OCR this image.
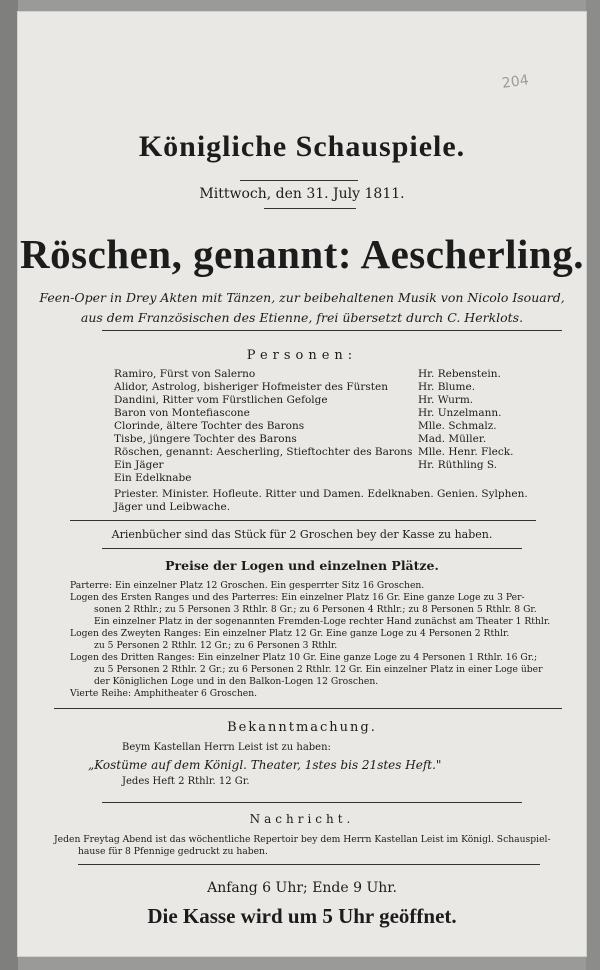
204
Königliche Schauspiele.
Mittwoch, den 31. July 1811.
Röschen, genannt: Aescherling.
Feen-Oper in Drey Akten mit Tänzen, zur beibehaltenen Musik von Nicolo Isouard,
aus dem Französischen des Etienne, frei übersetzt durch C. Herklots.
Personen:
Ramiro, Fürst von Salerno	Hr. Rebenstein.
Alidor, Astrolog, bisheriger Hofmeister des Fürsten	Hr. Blume.
Dandini, Ritter vom Fürstlichen Gefolge	Hr. Wurm.
Baron von Montefiascone	Hr. Unzelmann.
Clorinde, ältere Tochter des Barons	Mlle. Schmalz.
Tisbe, jüngere Tochter des Barons	Mad. Müller.
Röschen, genannt: Aescherling, Stieftochter des Barons Mlle. Henr. Fleck.
Ein Jäger	Hr. Rüthling S.
Ein Edelknabe
Priester. Minister. Hofleute. Ritter und Damen. Edelknaben. Genien. Sylphen.
Jäger und Leibwache.
Arienbücher sind das Stück für 2 Groschen bey der Kasse zu haben.
Preise der Logen und einzelnen Plätze.
Parterre: Ein einzelner Platz 12 Groschen. Ein gesperrter Sitz 16 Groschen.
Logen des Ersten Ranges und des Parterres: Ein einzelner Platz 16 Gr. Eine ganze Loge zu 3 Per-
sonen 2 Rthlr.; zu 5 Personen 3 Rthlr. 8 Gr.; zu 6 Personen 4 Rthlr.; zu 8 Personen 5 Rthlr. 8 Gr.
Ein einzelner Platz in der sogenannten Fremden-Loge rechter Hand zunächst am Theater 1 Rthlr.
Logen des Zweyten Ranges: Ein einzelner Platz 12 Gr. Eine ganze Loge zu 4 Personen 2 Rthlr.
zu 5 Personen 2 Rthlr. 12 Gr.; zu 6 Personen 3 Rthlr.
Logen des Dritten Ranges: Ein einzelner Platz 10 Gr. Eine ganze Loge zu 4 Personen 1 Rthlr. 16 Gr.;
zu 5 Personen 2 Rthlr. 2 Gr.; zu 6 Personen 2 Rthlr. 12 Gr. Ein einzelner Platz in einer Loge über
der Königlichen Loge und in den Balkon-Logen 12 Groschen.
Vierte Reihe: Amphitheater 6 Groschen.
Bekanntmachung.
Beym Kastellan Herrn Leist ist zu haben:
„Kostüme auf dem Königl. Theater, 1stes bis 21stes Heft."
Jedes Heft 2 Rthlr. 12 Gr.
Nachricht.
Jeden Freytag Abend ist das wöchentliche Repertoir bey dem Herrn Kastellan Leist im Königl. Schauspiel-
hause für 8 Pfennige gedruckt zu haben.
Anfang 6 Uhr; Ende 9 Uhr.
Die Kasse wird um 5 Uhr geöffnet.
